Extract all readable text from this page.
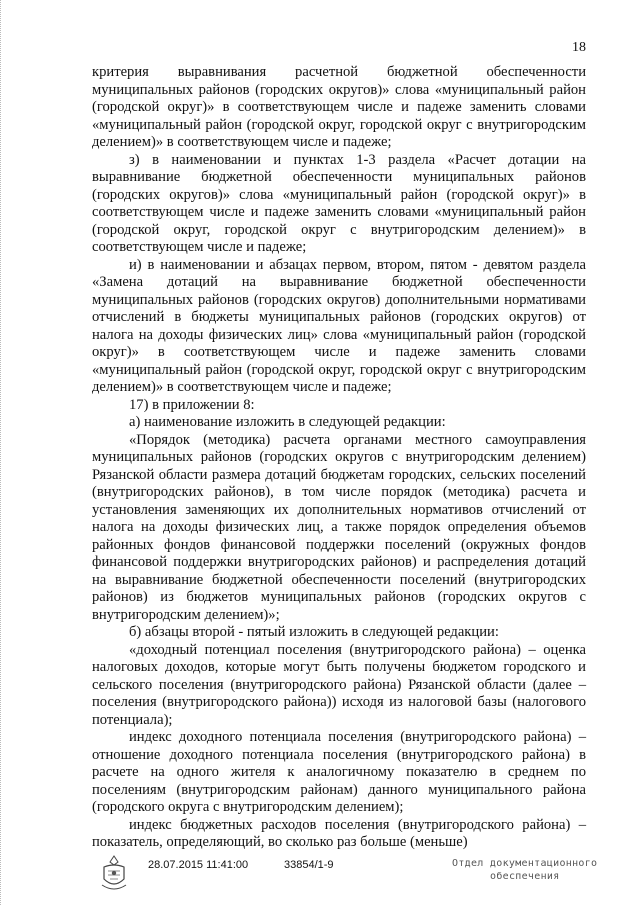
18

критерия выравнивания расчетной бюджетной обеспеченности муниципальных районов (городских округов)» слова «муниципальный район (городской округ)» в соответствующем числе и падеже заменить словами «муниципальный район (городской округ, городской округ с внутригородским делением)» в соответствующем числе и падеже;

з) в наименовании и пунктах 1-3 раздела «Расчет дотации на выравнивание бюджетной обеспеченности муниципальных районов (городских округов)» слова «муниципальный район (городской округ)» в соответствующем числе и падеже заменить словами «муниципальный район (городской округ, городской округ с внутригородским делением)» в соответствующем числе и падеже;

и) в наименовании и абзацах первом, втором, пятом - девятом раздела «Замена дотаций на выравнивание бюджетной обеспеченности муниципальных районов (городских округов) дополнительными нормативами отчислений в бюджеты муниципальных районов (городских округов) от налога на доходы физических лиц» слова «муниципальный район (городской округ)» в соответствующем числе и падеже заменить словами «муниципальный район (городской округ, городской округ с внутригородским делением)» в соответствующем числе и падеже;

17) в приложении 8:

а) наименование изложить в следующей редакции:

«Порядок (методика) расчета органами местного самоуправления муниципальных районов (городских округов с внутригородским делением) Рязанской области размера дотаций бюджетам городских, сельских поселений (внутригородских районов), в том числе порядок (методика) расчета и установления заменяющих их дополнительных нормативов отчислений от налога на доходы физических лиц, а также порядок определения объемов районных фондов финансовой поддержки поселений (окружных фондов финансовой поддержки внутригородских районов) и распределения дотаций на выравнивание бюджетной обеспеченности поселений (внутригородских районов) из бюджетов муниципальных районов (городских округов с внутригородским делением)»;

б) абзацы второй - пятый изложить в следующей редакции:

«доходный потенциал поселения (внутригородского района) – оценка налоговых доходов, которые могут быть получены бюджетом городского и сельского поселения (внутригородского района) Рязанской области (далее – поселения (внутригородского района)) исходя из налоговой базы (налогового потенциала);

индекс доходного потенциала поселения (внутригородского района) – отношение доходного потенциала поселения (внутригородского района) в расчете на одного жителя к аналогичному показателю в среднем по поселениям (внутригородским районам) данного муниципального района (городского округа с внутригородским делением);

индекс бюджетных расходов поселения (внутригородского района) – показатель, определяющий, во сколько раз больше (меньше)

28.07.2015 11:41:00	33854/1-9	Отдел документационного
обеспечения
